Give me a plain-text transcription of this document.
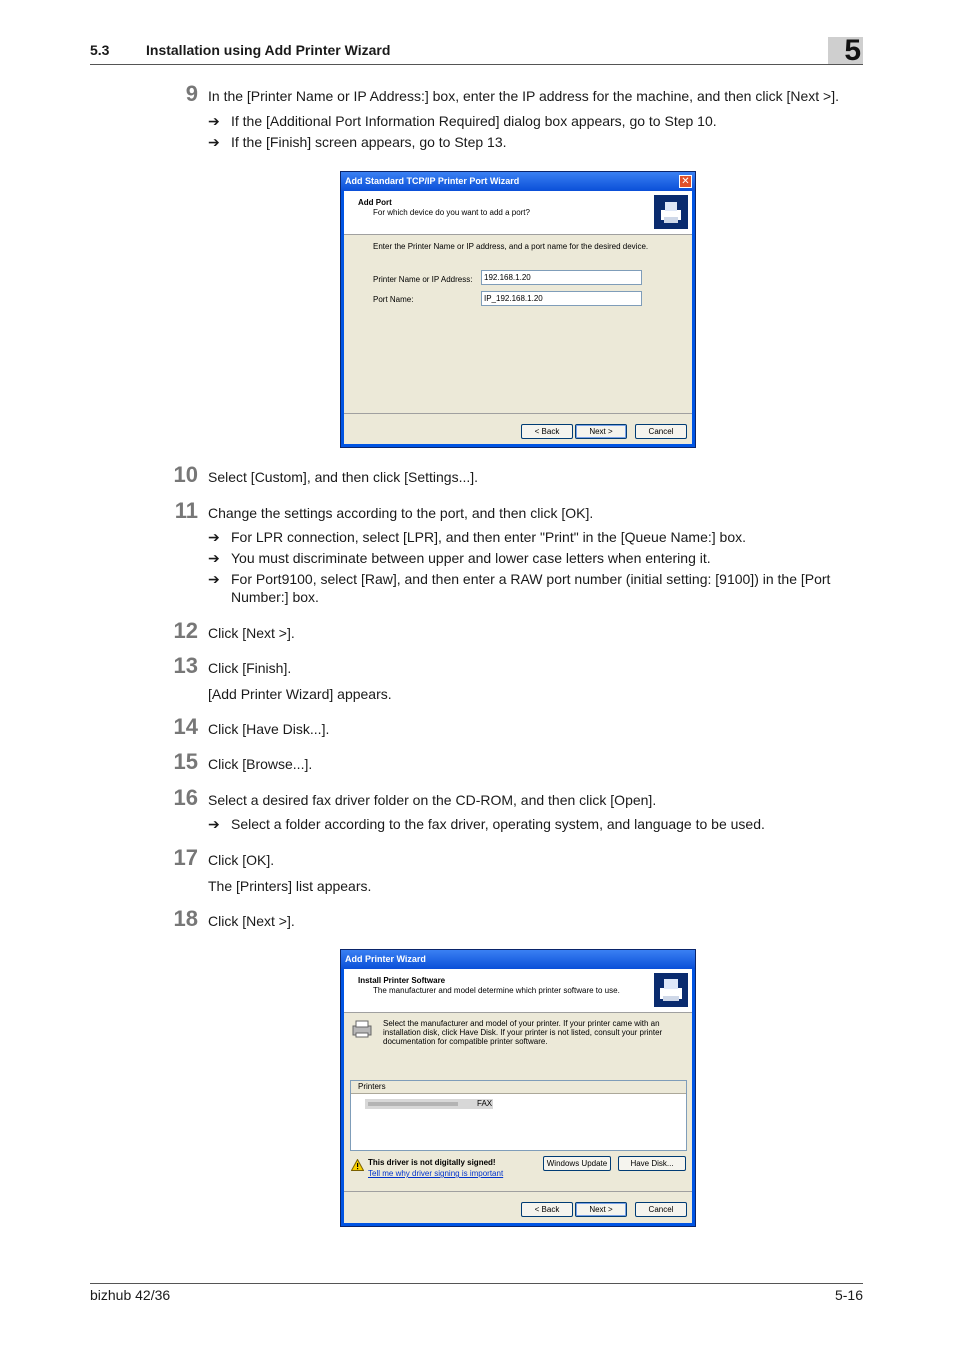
5.3	Installation using Add Printer Wizard	5
9 In the [Printer Name or IP Address:] box, enter the IP address for the machine, and then click [Next >].
➔ If the [Additional Port Information Required] dialog box appears, go to Step 10.
➔ If the [Finish] screen appears, go to Step 13.
Add Standard TCP/IP Printer Port Wizard	✕
Add Port
For which device do you want to add a port?
Enter the Printer Name or IP address, and a port name for the desired device.
Printer Name or IP Address:	192.168.1.20
Port Name:	IP_192.168.1.20
< Back	Next >	Cancel
10 Select [Custom], and then click [Settings...].
11 Change the settings according to the port, and then click [OK].
➔ For LPR connection, select [LPR], and then enter "Print" in the [Queue Name:] box.
➔ You must discriminate between upper and lower case letters when entering it.
➔ For Port9100, select [Raw], and then enter a RAW port number (initial setting: [9100]) in the [Port Number:] box.
12 Click [Next >].
13 Click [Finish].
[Add Printer Wizard] appears.
14 Click [Have Disk...].
15 Click [Browse...].
16 Select a desired fax driver folder on the CD-ROM, and then click [Open].
➔ Select a folder according to the fax driver, operating system, and language to be used.
17 Click [OK].
The [Printers] list appears.
18 Click [Next >].
Add Printer Wizard
Install Printer Software
The manufacturer and model determine which printer software to use.
Select the manufacturer and model of your printer. If your printer came with an installation disk, click Have Disk. If your printer is not listed, consult your printer documentation for compatible printer software.
Printers
FAX
This driver is not digitally signed!
Tell me why driver signing is important
Windows Update	Have Disk...
< Back	Next >	Cancel
bizhub 42/36	5-16
